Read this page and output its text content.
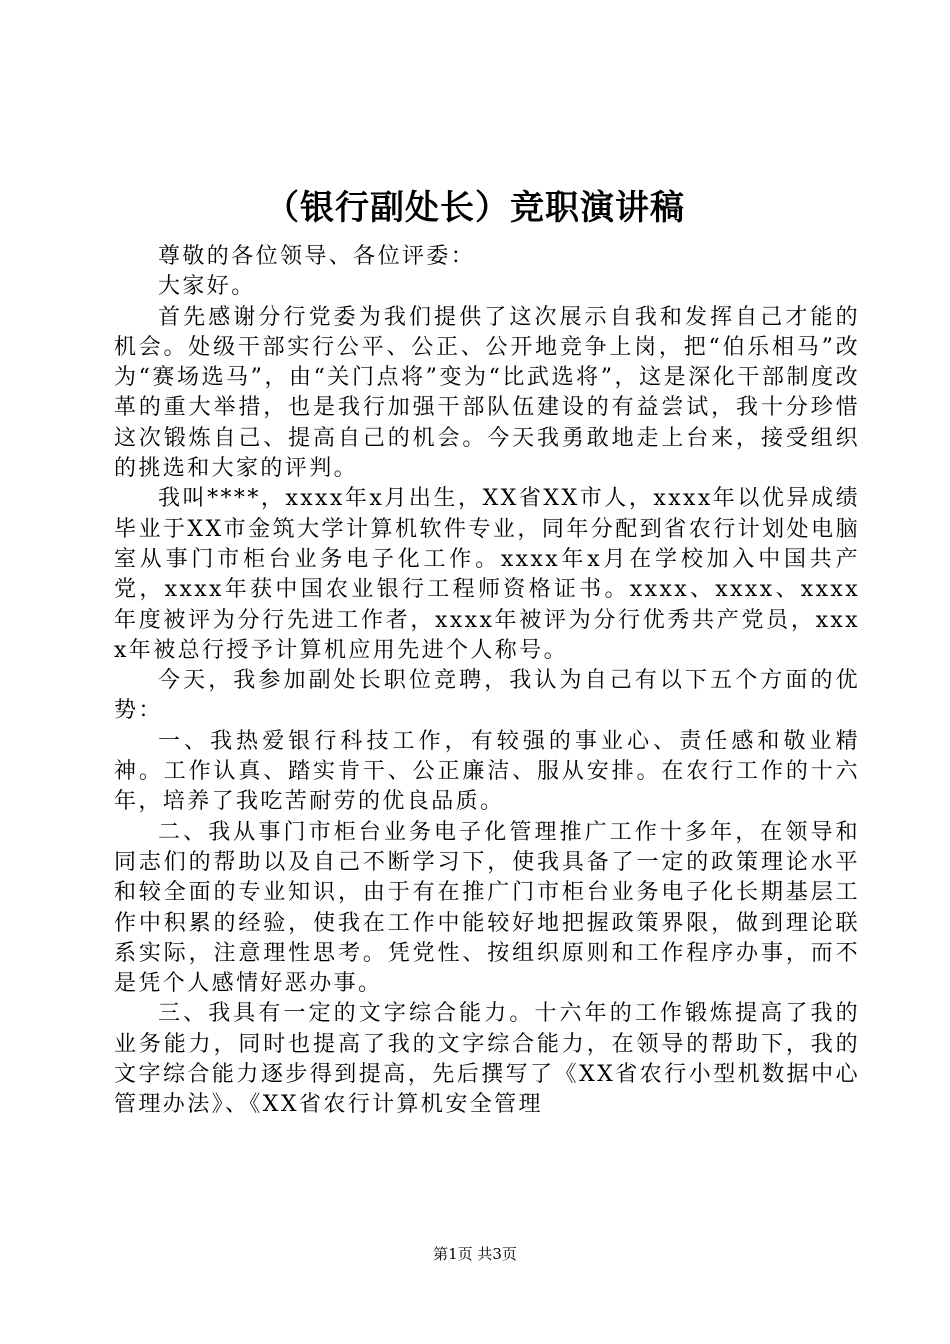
（银行副处长）竞职演讲稿

尊敬的各位领导、各位评委：

大家好。

首先感谢分行党委为我们提供了这次展示自我和发挥自己才能的机会。处级干部实行公平、公正、公开地竞争上岗，把“伯乐相马”改为“赛场选马”，由“关门点将”变为“比武选将”，这是深化干部制度改革的重大举措，也是我行加强干部队伍建设的有益尝试，我十分珍惜这次锻炼自己、提高自己的机会。今天我勇敢地走上台来，接受组织的挑选和大家的评判。

我叫****，xxxx年x月出生，XX省XX市人，xxxx年以优异成绩毕业于XX市金筑大学计算机软件专业，同年分配到省农行计划处电脑室从事门市柜台业务电子化工作。xxxx年x月在学校加入中国共产党，xxxx年获中国农业银行工程师资格证书。xxxx、xxxx、xxxx年度被评为分行先进工作者，xxxx年被评为分行优秀共产党员，xxxx年被总行授予计算机应用先进个人称号。

今天，我参加副处长职位竞聘，我认为自己有以下五个方面的优势：

一、我热爱银行科技工作，有较强的事业心、责任感和敬业精神。工作认真、踏实肯干、公正廉洁、服从安排。在农行工作的十六年，培养了我吃苦耐劳的优良品质。

二、我从事门市柜台业务电子化管理推广工作十多年，在领导和同志们的帮助以及自己不断学习下，使我具备了一定的政策理论水平和较全面的专业知识，由于有在推广门市柜台业务电子化长期基层工作中积累的经验，使我在工作中能较好地把握政策界限，做到理论联系实际，注意理性思考。凭党性、按组织原则和工作程序办事，而不是凭个人感情好恶办事。

三、我具有一定的文字综合能力。十六年的工作锻炼提高了我的业务能力，同时也提高了我的文字综合能力，在领导的帮助下，我的文字综合能力逐步得到提高，先后撰写了《XX省农行小型机数据中心管理办法》、《XX省农行计算机安全管理

第1页 共3页
